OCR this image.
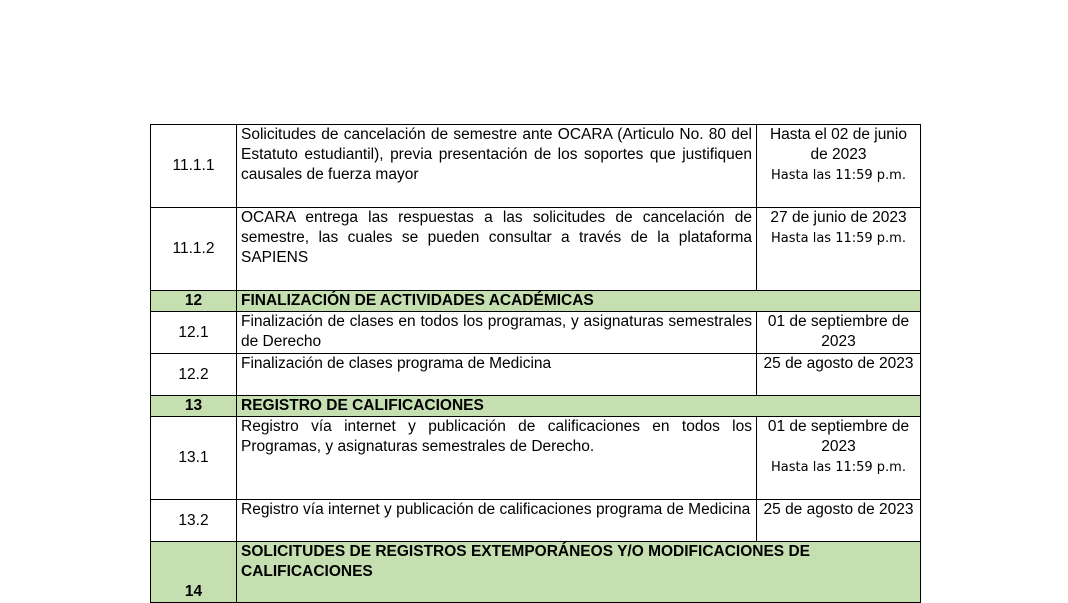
11.1.1	Solicitudes de cancelación de semestre ante OCARA (Articulo No. 80 del Estatuto estudiantil), previa presentación de los soportes que justifiquen causales de fuerza mayor	Hasta el 02 de junio de 2023
Hasta las 11:59 p.m.

11.1.2	OCARA entrega las respuestas a las solicitudes de cancelación de semestre, las cuales se pueden consultar a través de la plataforma SAPIENS	27 de junio de 2023
Hasta las 11:59 p.m.

12	FINALIZACIÓN DE ACTIVIDADES ACADÉMICAS	
12.1	Finalización de clases en todos los programas, y asignaturas semestrales de Derecho	01 de septiembre de 2023
12.2	Finalización de clases programa de Medicina	25 de agosto de 2023
13	REGISTRO DE CALIFICACIONES	
13.1	Registro vía internet y publicación de calificaciones en todos los Programas, y asignaturas semestrales de Derecho.	01 de septiembre de 2023
Hasta las 11:59 p.m.

13.2	Registro vía internet y publicación de calificaciones programa de Medicina	25 de agosto de 2023
14	SOLICITUDES DE REGISTROS EXTEMPORÁNEOS Y/O MODIFICACIONES DE CALIFICACIONES	
